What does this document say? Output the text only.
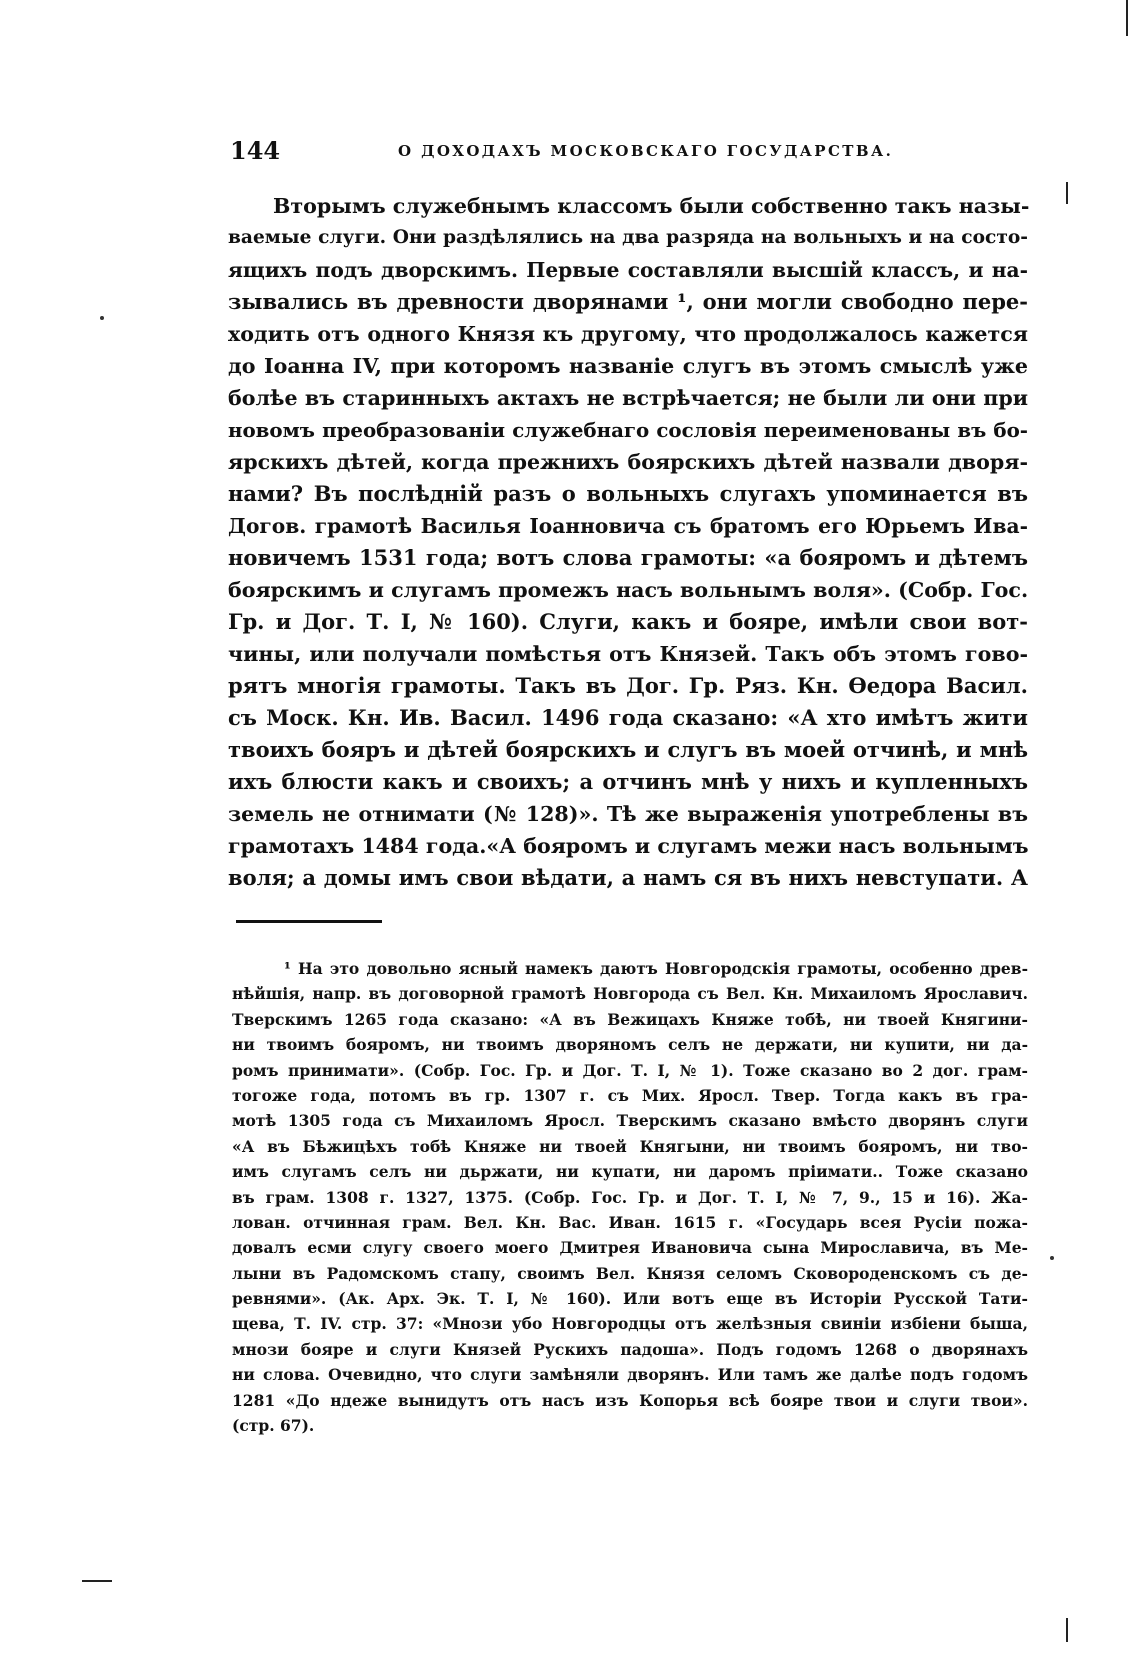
144	О ДОХОДАХЪ МОСКОВСКАГО ГОСУДАРСТВА.
Вторымъ служебнымъ классомъ были собственно такъ назы-
ваемые слуги. Они раздѣлялись на два разряда на вольныхъ и на состо-
ящихъ подъ дворскимъ. Первые составляли высшій классъ, и на-
зывались въ древности дворянами ¹, они могли свободно пере-
ходить отъ одного Князя къ другому, что продолжалось кажется
до Іоанна IV, при которомъ названіе слугъ въ этомъ смыслѣ уже
болѣе въ старинныхъ актахъ не встрѣчается; не были ли они при
новомъ преобразованіи служебнаго сословія переименованы въ бо-
ярскихъ дѣтей, когда прежнихъ боярскихъ дѣтей назвали дворя-
нами? Въ послѣдній разъ о вольныхъ слугахъ упоминается въ
Догов. грамотѣ Василья Іоанновича съ братомъ его Юрьемъ Ива-
новичемъ 1531 года; вотъ слова грамоты: «а бояромъ и дѣтемъ
боярскимъ и слугамъ промежъ насъ вольнымъ воля». (Собр. Гос.
Гр. и Дог. Т. I, № 160). Слуги, какъ и бояре, имѣли свои вот-
чины, или получали помѣстья отъ Князей. Такъ объ этомъ гово-
рятъ многія грамоты. Такъ въ Дог. Гр. Ряз. Кн. Ѳедора Васил.
съ Моск. Кн. Ив. Васил. 1496 года сказано: «А хто имѣтъ жити
твоихъ бояръ и дѣтей боярскихъ и слугъ въ моей отчинѣ, и мнѣ
ихъ блюсти какъ и своихъ; а отчинъ мнѣ у нихъ и купленныхъ
земель не отнимати (№ 128)». Тѣ же выраженія употреблены въ
грамотахъ 1484 года.«А бояромъ и слугамъ межи насъ вольнымъ
воля; а домы имъ свои вѣдати, а намъ ся въ нихъ невступати. А
¹ На это довольно ясный намекъ даютъ Новгородскія грамоты, особенно древ-
нѣйшія, напр. въ договорной грамотѣ Новгорода съ Вел. Кн. Михаиломъ Ярославич.
Тверскимъ 1265 года сказано: «А въ Вежицахъ Княже тобѣ, ни твоей Княгини-
ни твоимъ бояромъ, ни твоимъ дворяномъ селъ не держати, ни купити, ни да-
ромъ принимати». (Собр. Гос. Гр. и Дог. Т. I, № 1). Тоже сказано во 2 дог. грам-
тогоже года, потомъ въ гр. 1307 г. съ Мих. Яросл. Твер. Тогда какъ въ гра-
мотѣ 1305 года съ Михаиломъ Яросл. Тверскимъ сказано вмѣсто дворянъ слуги
«А въ Бѣжицѣхъ тобѣ Княже ни твоей Княгыни, ни твоимъ бояромъ, ни тво-
имъ слугамъ селъ ни дьржати, ни купати, ни даромъ пріимати.. Тоже сказано
въ грам. 1308 г. 1327, 1375. (Собр. Гос. Гр. и Дог. Т. I, № 7, 9., 15 и 16). Жа-
лован. отчинная грам. Вел. Кн. Вас. Иван. 1615 г. «Государь всея Русіи пожа-
довалъ есми слугу своего моего Дмитрея Ивановича сына Мирославича, въ Ме-
лыни въ Радомскомъ стапу, своимъ Вел. Князя селомъ Сковороденскомъ съ де-
ревнями». (Ак. Арх. Эк. Т. I, № 160). Или вотъ еще въ Исторіи Русской Тати-
щева, Т. IV. стр. 37: «Мнози убо Новгородцы отъ желѣзныя свиніи избіени быша,
мнози бояре и слуги Князей Рускихъ падоша». Подъ годомъ 1268 о дворянахъ
ни слова. Очевидно, что слуги замѣняли дворянъ. Или тамъ же далѣе подъ годомъ
1281 «До ндеже вынидутъ отъ насъ изъ Копорья всѣ бояре твои и слуги твои».
(стр. 67).
